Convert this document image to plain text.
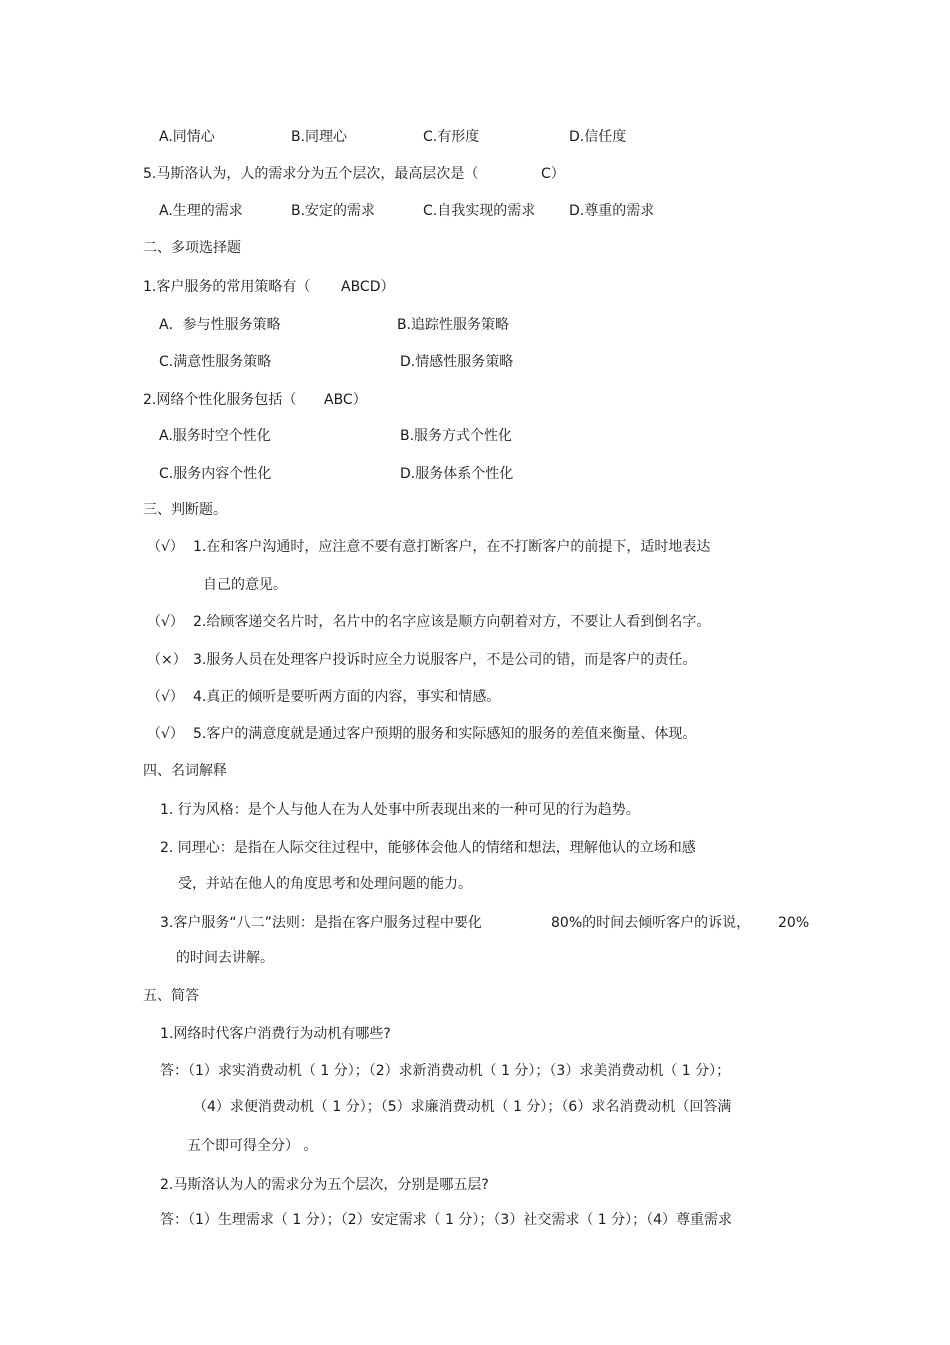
A.同情心	B.同理心	C.有形度	D.信任度
5.马斯洛认为，人的需求分为五个层次，最高层次是（	C）
A.生理的需求	B.安定的需求	C.自我实现的需求 D.尊重的需求
二、多项选择题
1.客户服务的常用策略有（ ABCD）
A．参与性服务策略	B.追踪性服务策略
C.满意性服务策略	D.情感性服务策略
2.网络个性化服务包括（ ABC）
A.服务时空个性化	B.服务方式个性化
C.服务内容个性化	D.服务体系个性化
三、判断题。
（√） 1.在和客户沟通时，应注意不要有意打断客户，在不打断客户的前提下，适时地表达
自己的意见。
（√） 2.给顾客递交名片时，名片中的名字应该是顺方向朝着对方，不要让人看到倒名字。
（×） 3.服务人员在处理客户投诉时应全力说服客户，不是公司的错，而是客户的责任。
（√） 4.真正的倾听是要听两方面的内容，事实和情感。
（√） 5.客户的满意度就是通过客户预期的服务和实际感知的服务的差值来衡量、体现。
四、名词解释
1. 行为风格：是个人与他人在为人处事中所表现出来的一种可见的行为趋势。
2. 同理心：是指在人际交往过程中，能够体会他人的情绪和想法，理解他认的立场和感
受，并站在他人的角度思考和处理问题的能力。
3.客户服务“八二”法则：是指在客户服务过程中要化	80%的时间去倾听客户的诉说， 20%
的时间去讲解。
五、简答
1.网络时代客户消费行为动机有哪些?
答：（1）求实消费动机（ 1 分）；（2）求新消费动机（ 1 分）；（3）求美消费动机（ 1 分）；
（4）求便消费动机（ 1 分）；（5）求廉消费动机（ 1 分）；（6）求名消费动机（回答满
五个即可得全分） 。
2.马斯洛认为人的需求分为五个层次，分别是哪五层?
答：（1）生理需求（ 1 分）；（2）安定需求（ 1 分）；（3）社交需求（ 1 分）；（4）尊重需求
